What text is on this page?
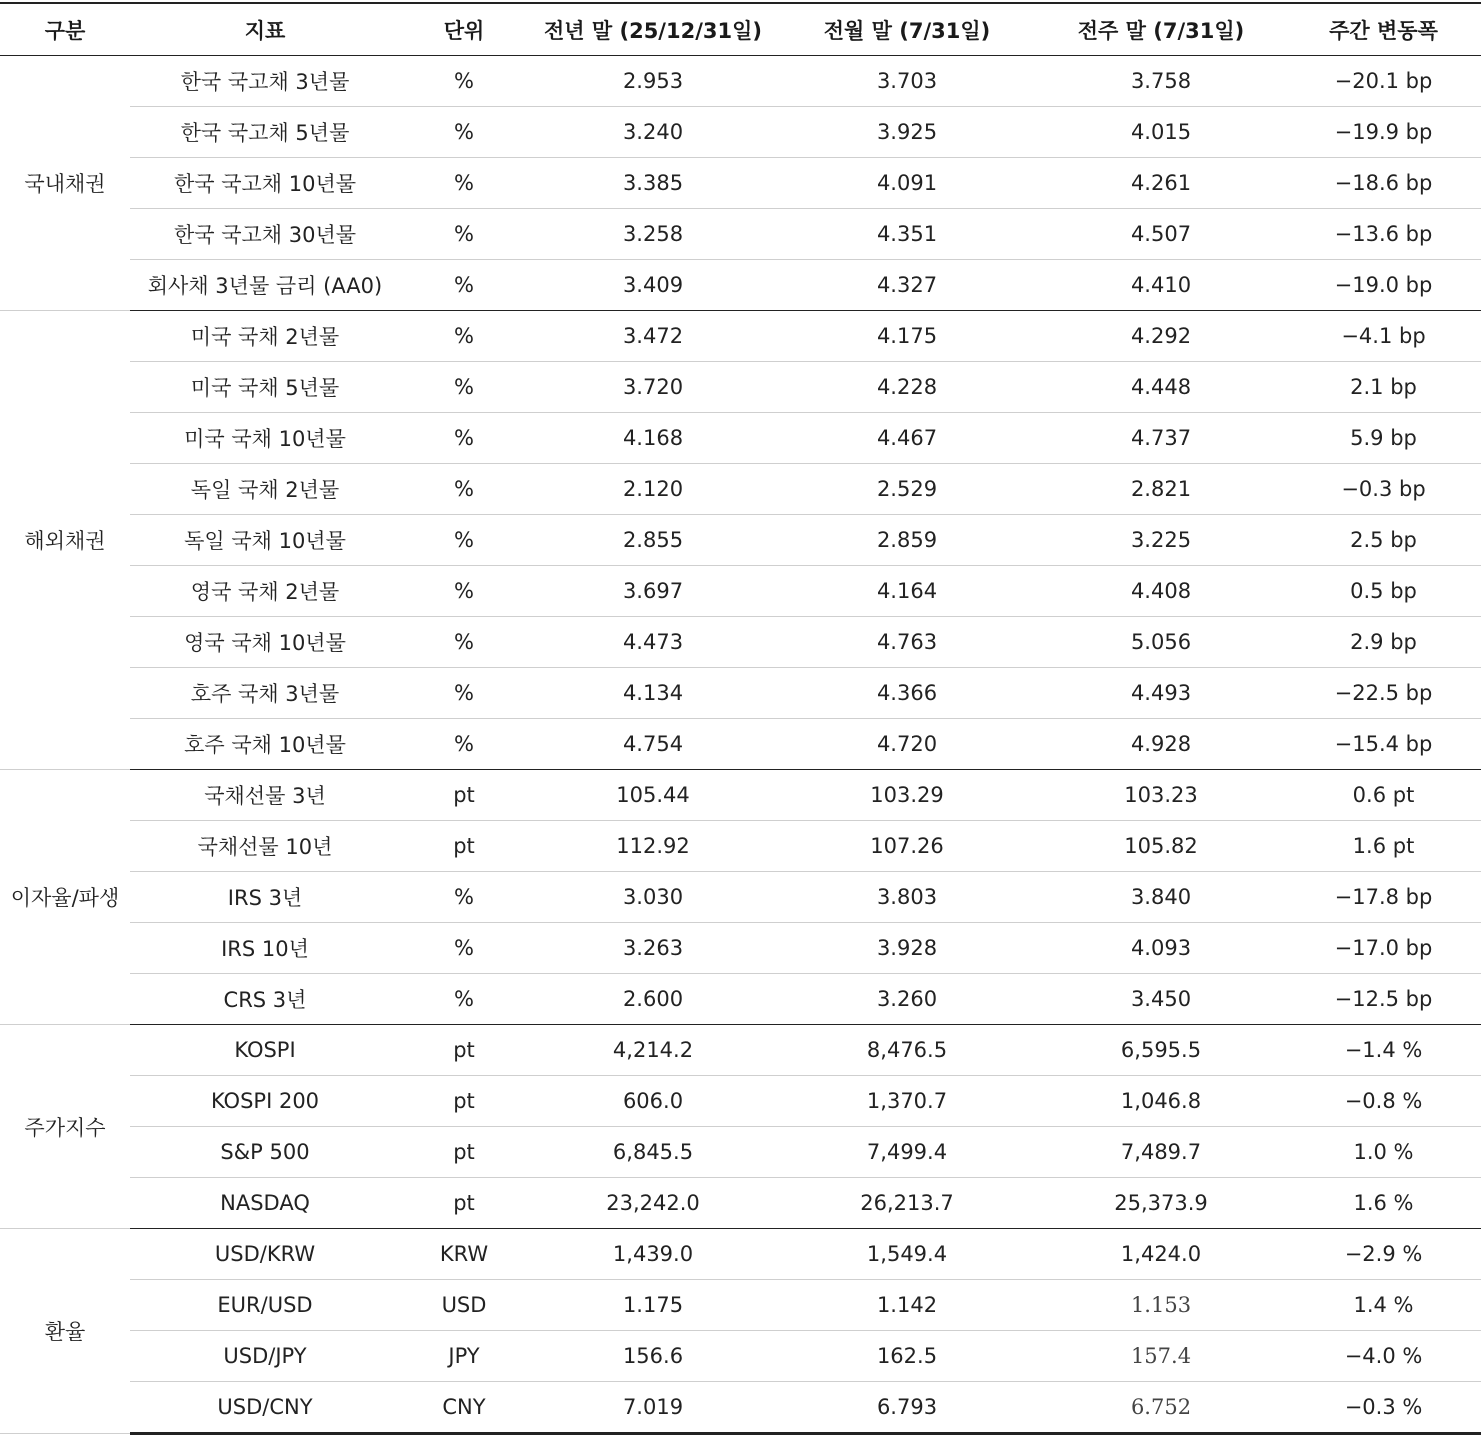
구분	지표	단위	전년 말 (25/12/31일)	전월 말 (7/31일)	전주 말 (7/31일)	주간 변동폭
국내채권	한국 국고채 3년물	%	2.953	3.703	3.758	−20.1 bp
	한국 국고채 5년물	%	3.240	3.925	4.015	−19.9 bp
	한국 국고채 10년물	%	3.385	4.091	4.261	−18.6 bp
	한국 국고채 30년물	%	3.258	4.351	4.507	−13.6 bp
	회사채 3년물 금리 (AA0)	%	3.409	4.327	4.410	−19.0 bp
해외채권	미국 국채 2년물	%	3.472	4.175	4.292	−4.1 bp
	미국 국채 5년물	%	3.720	4.228	4.448	2.1 bp
	미국 국채 10년물	%	4.168	4.467	4.737	5.9 bp
	독일 국채 2년물	%	2.120	2.529	2.821	−0.3 bp
	독일 국채 10년물	%	2.855	2.859	3.225	2.5 bp
	영국 국채 2년물	%	3.697	4.164	4.408	0.5 bp
	영국 국채 10년물	%	4.473	4.763	5.056	2.9 bp
	호주 국채 3년물	%	4.134	4.366	4.493	−22.5 bp
	호주 국채 10년물	%	4.754	4.720	4.928	−15.4 bp
이자율/파생	국채선물 3년	pt	105.44	103.29	103.23	0.6 pt
	국채선물 10년	pt	112.92	107.26	105.82	1.6 pt
	IRS 3년	%	3.030	3.803	3.840	−17.8 bp
	IRS 10년	%	3.263	3.928	4.093	−17.0 bp
	CRS 3년	%	2.600	3.260	3.450	−12.5 bp
주가지수	KOSPI	pt	4,214.2	8,476.5	6,595.5	−1.4 %
	KOSPI 200	pt	606.0	1,370.7	1,046.8	−0.8 %
	S&P 500	pt	6,845.5	7,499.4	7,489.7	1.0 %
	NASDAQ	pt	23,242.0	26,213.7	25,373.9	1.6 %
환율	USD/KRW	KRW	1,439.0	1,549.4	1,424.0	−2.9 %
	EUR/USD	USD	1.175	1.142	1.153	1.4 %
	USD/JPY	JPY	156.6	162.5	157.4	−4.0 %
	USD/CNY	CNY	7.019	6.793	6.752	−0.3 %
